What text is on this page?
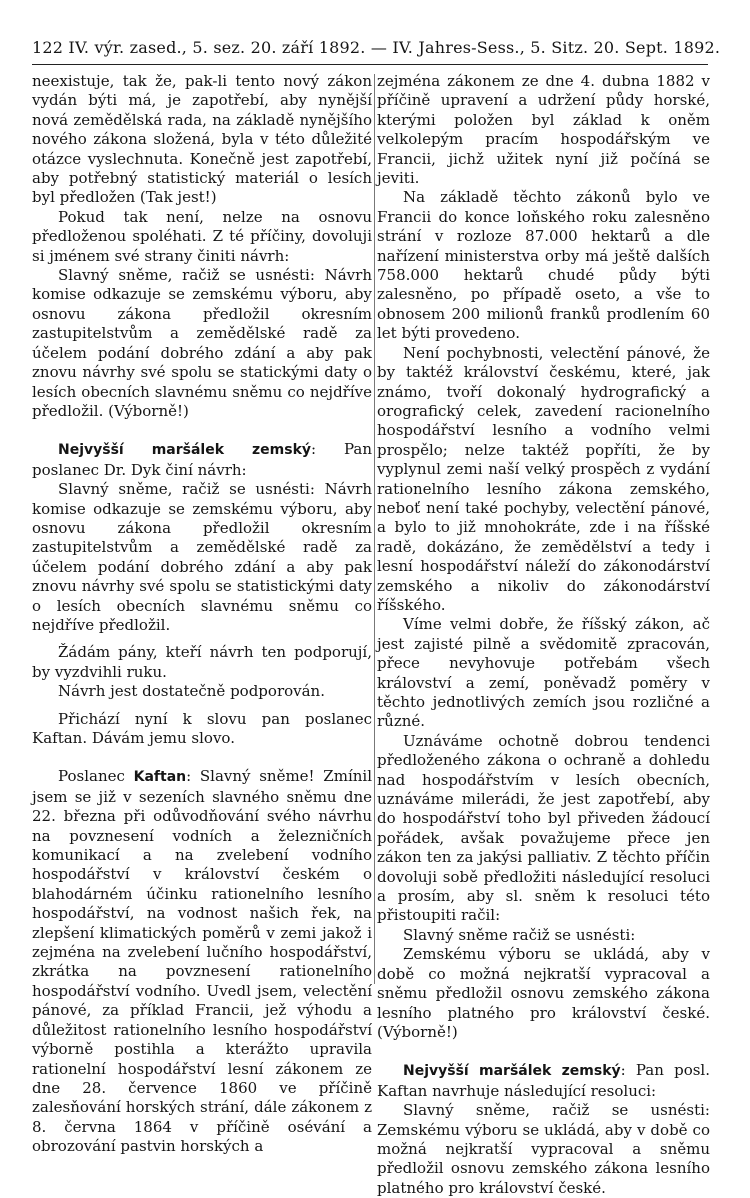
122 IV. výr. zased., 5. sez. 20. září 1892. — IV. Jahres-Sess., 5. Sitz. 20. Sept. 1892.

neexistuje, tak že, pak-li tento nový zákon vydán býti má, je zapotřebí, aby nynější nová zemědělská rada, na základě nynějšího nového zákona složená, byla v této důležité otázce vyslechnuta. Konečně jest zapotřebí, aby potřebný statistický materiál o lesích byl předložen (Tak jest!)

Pokud tak není, nelze na osnovu předloženou spoléhati. Z té příčiny, dovoluji si jménem své strany činiti návrh:

Slavný sněme, račiž se usnésti: Návrh komise odkazuje se zemskému výboru, aby osnovu zákona předložil okresním zastupitelstvům a zemědělské radě za účelem podání dobrého zdání a aby pak znovu návrhy své spolu se statickými daty o lesích obecních slavnému sněmu co nejdříve předložil. (Výborně!)

Nejvyšší maršálek zemský: Pan poslanec Dr. Dyk činí návrh:

Slavný sněme, račiž se usnésti: Návrh komise odkazuje se zemskému výboru, aby osnovu zákona předložil okresním zastupitelstvům a zemědělské radě za účelem podání dobrého zdání a aby pak znovu návrhy své spolu se statistickými daty o lesích obecních slavnému sněmu co nejdříve předložil.

Žádám pány, kteří návrh ten podporují, by vyzdvihli ruku.

Návrh jest dostatečně podporován.

Přichází nyní k slovu pan poslanec Kaftan. Dávám jemu slovo.

Poslanec Kaftan: Slavný sněme! Zmínil jsem se již v sezeních slavného sněmu dne 22. března při odůvodňování svého návrhu na povznesení vodních a železničních komunikací a na zvelebení vodního hospodářství v království českém o blahodárném účinku rationelního lesního hospodářství, na vodnost našich řek, na zlepšení klimatických poměrů v zemi jakož i zejména na zvelebení lučního hospodářství, zkrátka na povznesení rationelního hospodářství vodního. Uvedl jsem, velectění pánové, za příklad Francii, jež výhodu a důležitost rationelního lesního hospodářství výborně postihla a kterážto upravila rationelní hospodářství lesní zákonem ze dne 28. července 1860 ve příčině zalesňování horských strání, dále zákonem z 8. června 1864 v příčině osévání a obrozování pastvin horských a

zejména zákonem ze dne 4. dubna 1882 v příčině upravení a udržení půdy horské, kterými položen byl základ k oněm velkolepým pracím hospodářským ve Francii, jichž užitek nyní již počíná se jeviti.

Na základě těchto zákonů bylo ve Francii do konce loňského roku zalesněno strání v rozloze 87.000 hektarů a dle nařízení ministerstva orby má ještě dalších 758.000 hektarů chudé půdy býti zalesněno, po případě oseto, a vše to obnosem 200 milionů franků prodlením 60 let býti provedeno.

Není pochybnosti, velectění pánové, že by taktéž království českému, které, jak známo, tvoří dokonalý hydrografický a orografický celek, zavedení racionelního hospodářství lesního a vodního velmi prospělo; nelze taktéž popříti, že by vyplynul zemi naší velký prospěch z vydání rationelního lesního zákona zemského, neboť není také pochyby, velectění pánové, a bylo to již mnohokráte, zde i na říšské radě, dokázáno, že zemědělství a tedy i lesní hospodářství náleží do zákonodárství zemského a nikoliv do zákonodárství říšského.

Víme velmi dobře, že říšský zákon, ač jest zajisté pilně a svědomitě zpracován, přece nevyhovuje potřebám všech království a zemí, poněvadž poměry v těchto jednotlivých zemích jsou rozličné a různé.

Uznáváme ochotně dobrou tendenci předloženého zákona o ochraně a dohledu nad hospodářstvím v lesích obecních, uznáváme milerádi, že jest zapotřebí, aby do hospodářství toho byl přiveden žádoucí pořádek, avšak považujeme přece jen zákon ten za jakýsi palliativ. Z těchto příčin dovoluji sobě předložiti následující resoluci a prosím, aby sl. sněm k resoluci této přistoupiti račil:

Slavný sněme račiž se usnésti:

Zemskému výboru se ukládá, aby v době co možná nejkratší vypracoval a sněmu předložil osnovu zemského zákona lesního platného pro království české. (Výborně!)

Nejvyšší maršálek zemský: Pan posl. Kaftan navrhuje následující resoluci:

Slavný sněme, račiž se usnésti: Zemskému výboru se ukládá, aby v době co možná nejkratší vypracoval a sněmu předložil osnovu zemského zákona lesního platného pro království české.
